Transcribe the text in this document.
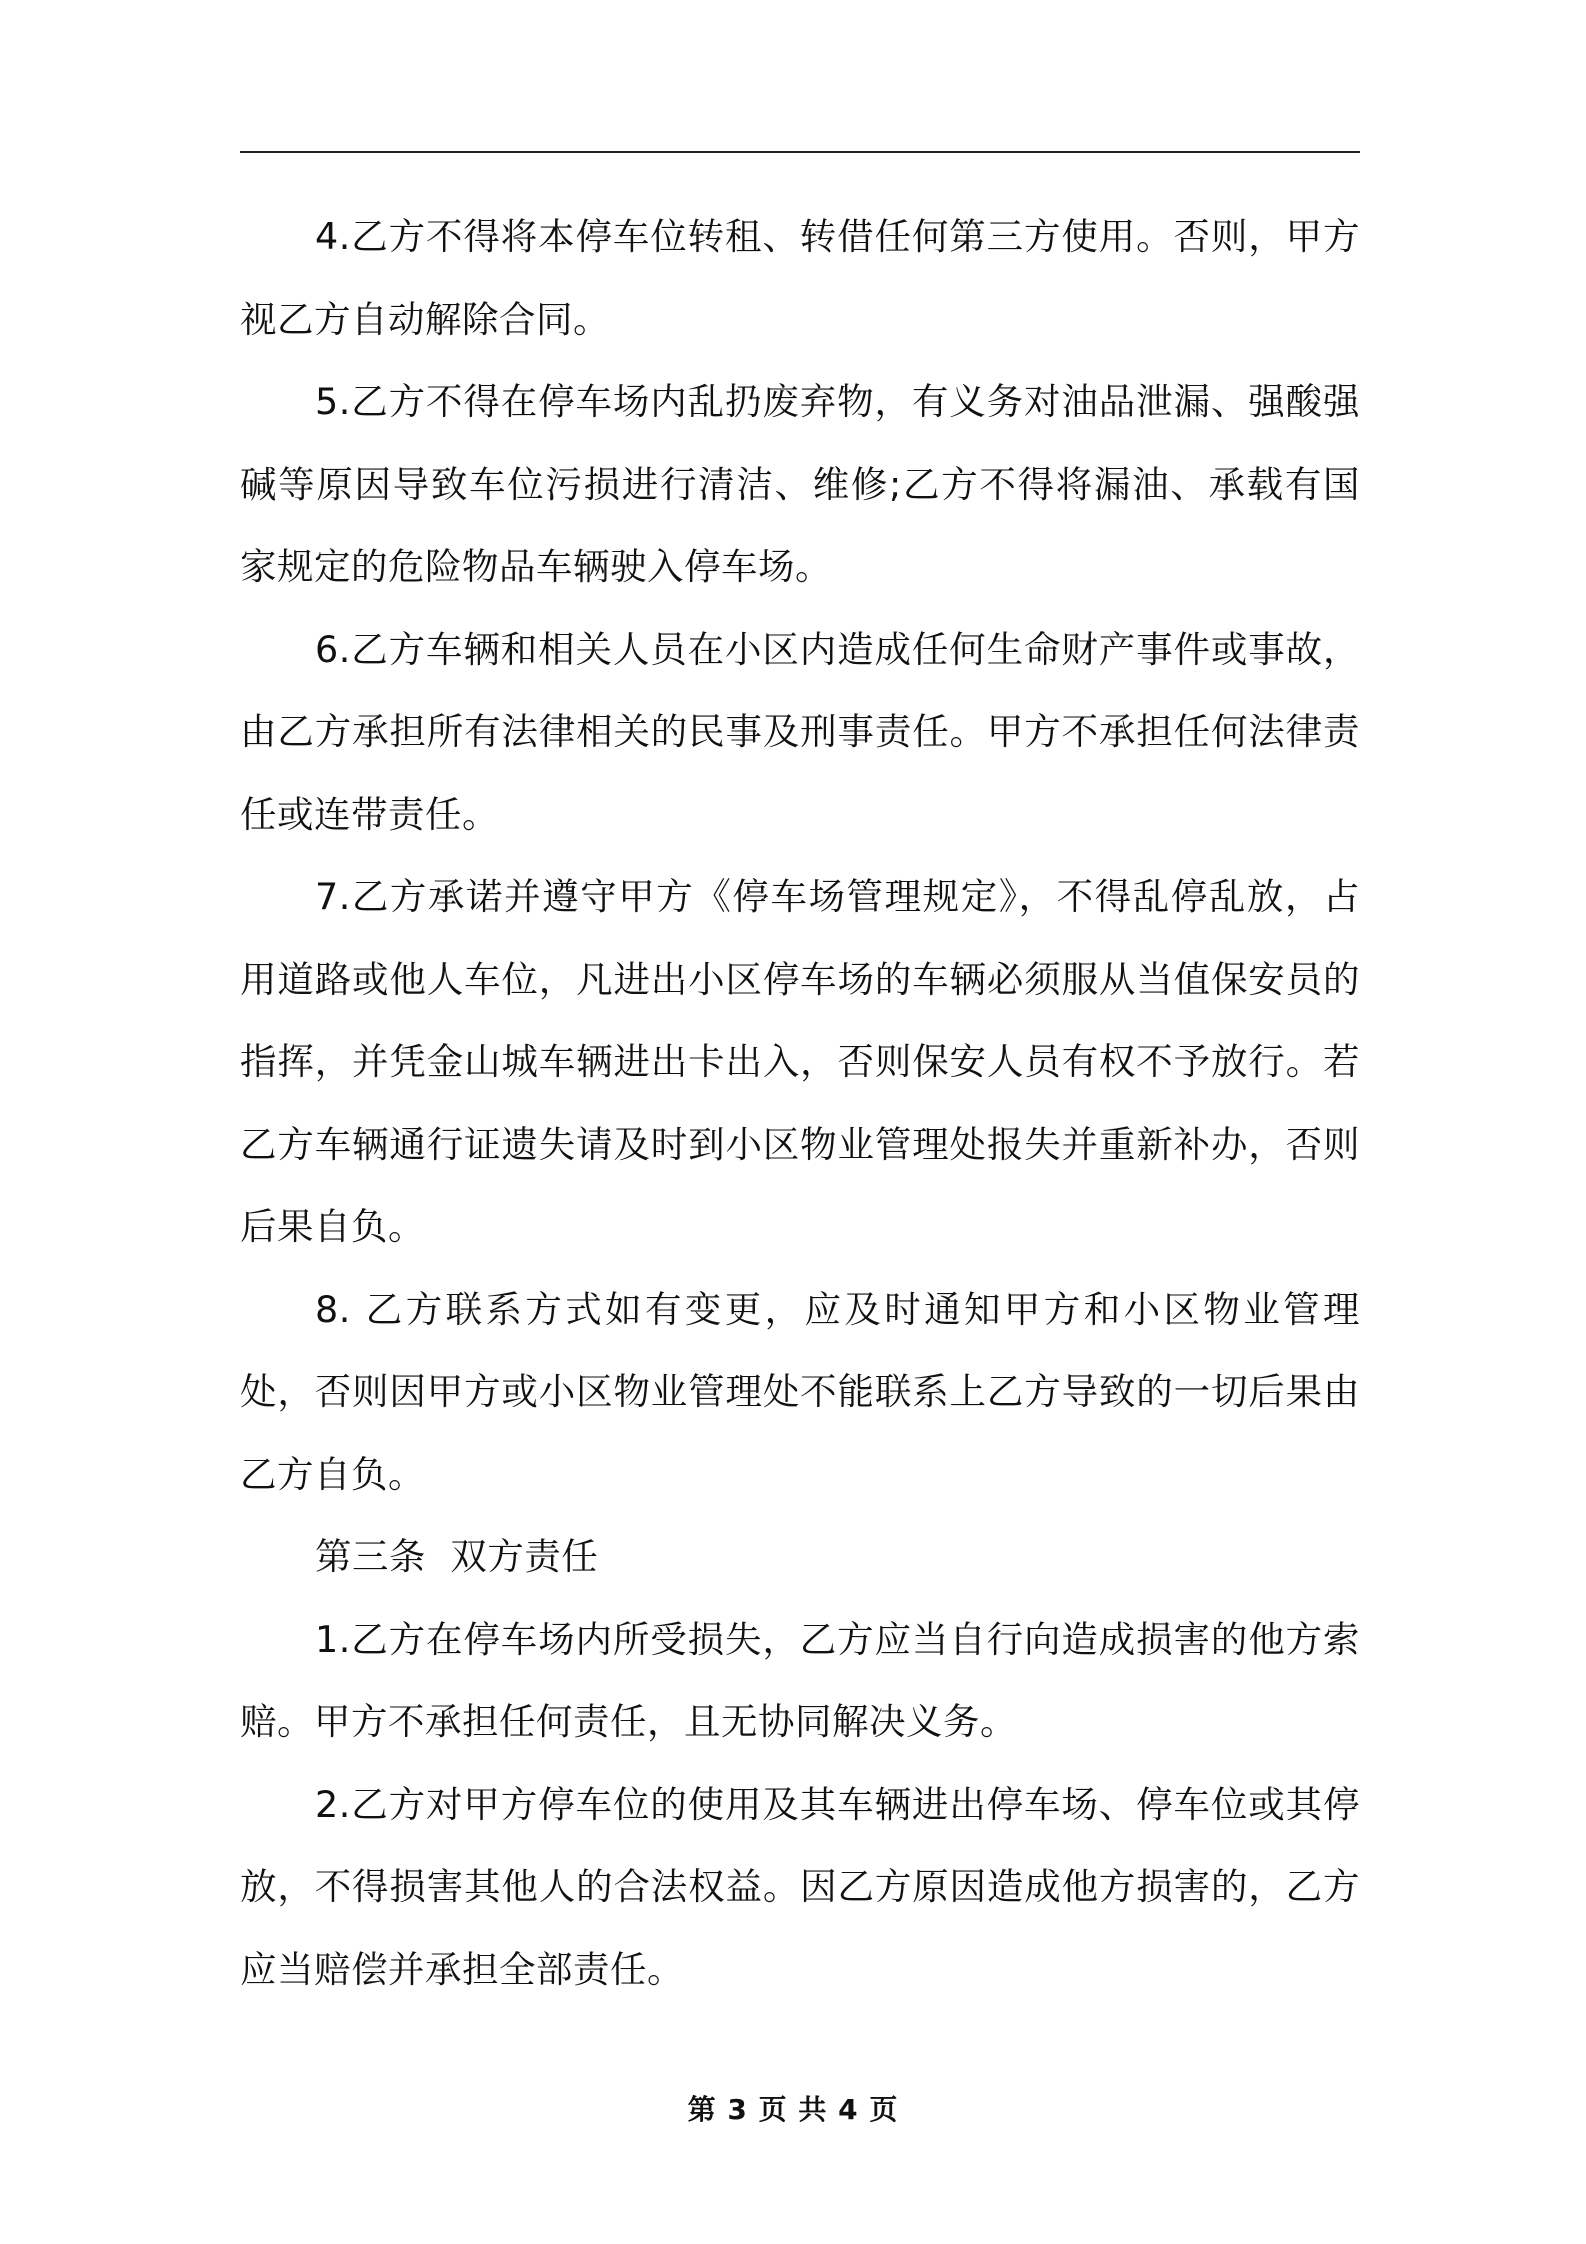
4.乙方不得将本停车位转租、转借任何第三方使用。否则，甲方视乙方自动解除合同。

5.乙方不得在停车场内乱扔废弃物，有义务对油品泄漏、强酸强碱等原因导致车位污损进行清洁、维修;乙方不得将漏油、承载有国家规定的危险物品车辆驶入停车场。

6.乙方车辆和相关人员在小区内造成任何生命财产事件或事故，由乙方承担所有法律相关的民事及刑事责任。甲方不承担任何法律责任或连带责任。

7.乙方承诺并遵守甲方《停车场管理规定》，不得乱停乱放，占用道路或他人车位，凡进出小区停车场的车辆必须服从当值保安员的指挥，并凭金山城车辆进出卡出入，否则保安人员有权不予放行。若乙方车辆通行证遗失请及时到小区物业管理处报失并重新补办，否则后果自负。

8. 乙方联系方式如有变更，应及时通知甲方和小区物业管理处，否则因甲方或小区物业管理处不能联系上乙方导致的一切后果由乙方自负。

第三条  双方责任

1.乙方在停车场内所受损失，乙方应当自行向造成损害的他方索赔。甲方不承担任何责任，且无协同解决义务。

2.乙方对甲方停车位的使用及其车辆进出停车场、停车位或其停放，不得损害其他人的合法权益。因乙方原因造成他方损害的，乙方应当赔偿并承担全部责任。

第 3 页 共 4 页
